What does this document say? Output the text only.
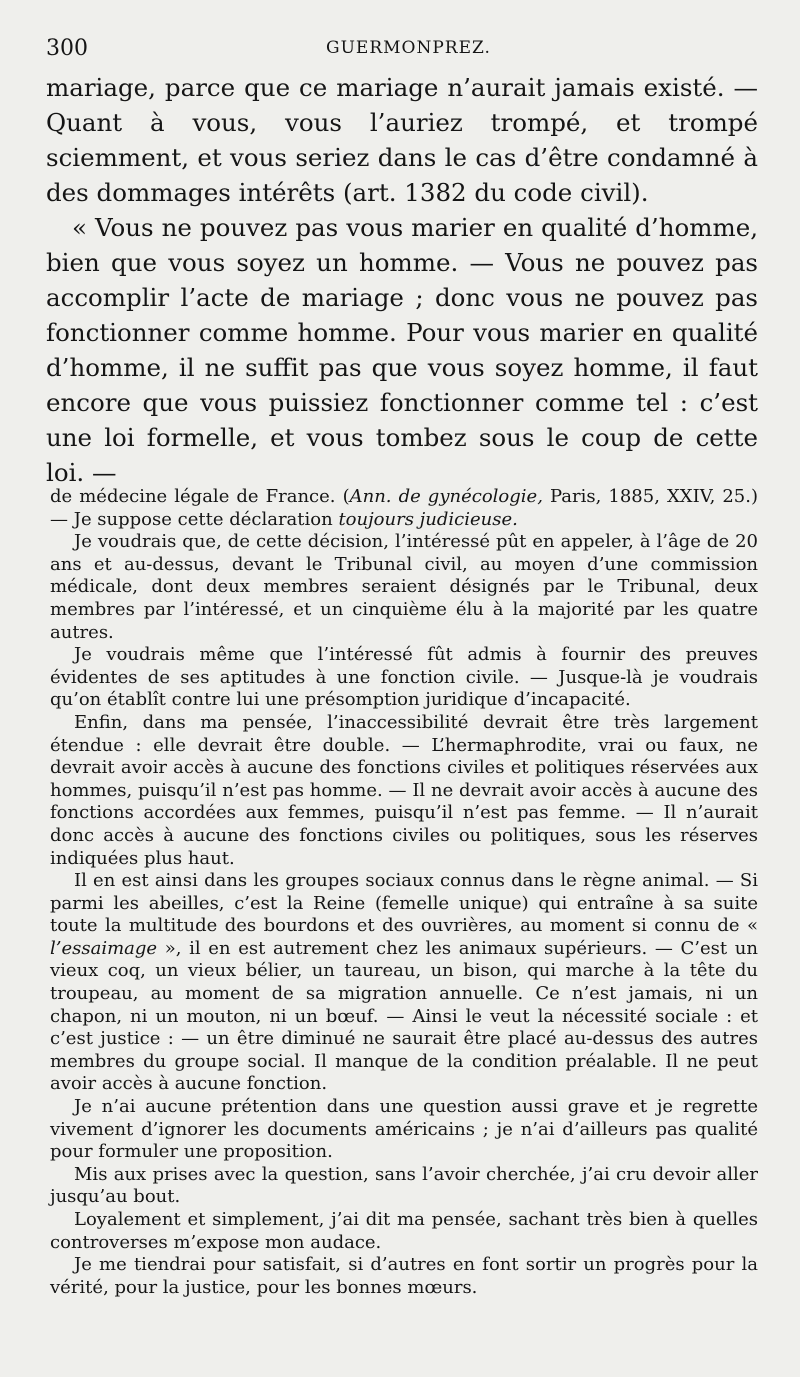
300	GUERMONPREZ.

mariage, parce que ce mariage n’aurait jamais existé. — Quant à vous, vous l’auriez trompé, et trompé sciemment, et vous seriez dans le cas d’être condamné à des dommages intérêts (art. 1382 du code civil).

« Vous ne pouvez pas vous marier en qualité d’homme, bien que vous soyez un homme. — Vous ne pouvez pas accomplir l’acte de mariage ; donc vous ne pouvez pas fonctionner comme homme. Pour vous marier en qualité d’homme, il ne suffit pas que vous soyez homme, il faut encore que vous puissiez fonctionner comme tel : c’est une loi formelle, et vous tombez sous le coup de cette loi. —

de médecine légale de France. (Ann. de gynécologie, Paris, 1885, XXIV, 25.) — Je suppose cette déclaration toujours judicieuse.

Je voudrais que, de cette décision, l’intéressé pût en appeler, à l’âge de 20 ans et au-dessus, devant le Tribunal civil, au moyen d’une commission médicale, dont deux membres seraient désignés par le Tribunal, deux membres par l’intéressé, et un cinquième élu à la majorité par les quatre autres.

Je voudrais même que l’intéressé fût admis à fournir des preuves évidentes de ses aptitudes à une fonction civile. — Jusque-là je voudrais qu’on établît contre lui une présomption juridique d’incapacité.

Enfin, dans ma pensée, l’inaccessibilité devrait être très largement étendue : elle devrait être double. — L’hermaphrodite, vrai ou faux, ne devrait avoir accès à aucune des fonctions civiles et politiques réservées aux hommes, puisqu’il n’est pas homme. — Il ne devrait avoir accès à aucune des fonctions accordées aux femmes, puisqu’il n’est pas femme. — Il n’aurait donc accès à aucune des fonctions civiles ou politiques, sous les réserves indiquées plus haut.

Il en est ainsi dans les groupes sociaux connus dans le règne animal. — Si parmi les abeilles, c’est la Reine (femelle unique) qui entraîne à sa suite toute la multitude des bourdons et des ouvrières, au moment si connu de « l’essaimage », il en est autrement chez les animaux supérieurs. — C’est un vieux coq, un vieux bélier, un taureau, un bison, qui marche à la tête du troupeau, au moment de sa migration annuelle. Ce n’est jamais, ni un chapon, ni un mouton, ni un bœuf. — Ainsi le veut la nécessité sociale : et c’est justice : — un être diminué ne saurait être placé au-dessus des autres membres du groupe social. Il manque de la condition préalable. Il ne peut avoir accès à aucune fonction.

Je n’ai aucune prétention dans une question aussi grave et je regrette vivement d’ignorer les documents américains ; je n’ai d’ailleurs pas qualité pour formuler une proposition.

Mis aux prises avec la question, sans l’avoir cherchée, j’ai cru devoir aller jusqu’au bout.

Loyalement et simplement, j’ai dit ma pensée, sachant très bien à quelles controverses m’expose mon audace.

Je me tiendrai pour satisfait, si d’autres en font sortir un progrès pour la vérité, pour la justice, pour les bonnes mœurs.
